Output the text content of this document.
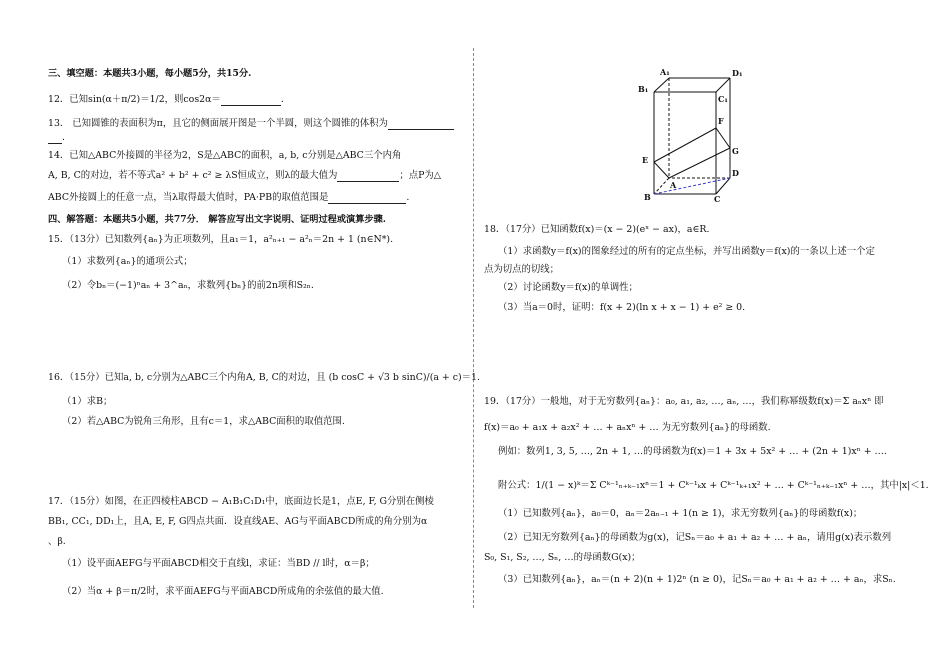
三、填空题：本题共3小题，每小题5分，共15分.
12．已知sin(α＋π/2)＝1/2，则cos2α＝	．
13． 已知圆锥的表面积为π，且它的侧面展开图是一个半圆，则这个圆锥的体积为
．
14．已知△ABC外接圆的半径为2，S是△ABC的面积，a, b, c分别是△ABC三个内角
A, B, C的对边，若不等式a² + b² + c² ≥ λS恒成立，则λ的最大值为	；点P为△
ABC外接圆上的任意一点，当λ取得最大值时，PA·PB的取值范围是	.
四、解答题：本题共5小题，共77分． 解答应写出文字说明、证明过程或演算步骤.
15．（13分）已知数列{aₙ}为正项数列，且a₁＝1，a²ₙ₊₁ − a²ₙ＝2n + 1 (n∈N*).
（1）求数列{aₙ}的通项公式；
（2）令bₙ＝(−1)ⁿaₙ + 3^aₙ，求数列{bₙ}的前2n项和S₂ₙ.
16．（15分）已知a, b, c分别为△ABC三个内角A, B, C的对边，且 (b cosC + √3 b sinC)/(a + c)＝1.
（1）求B；
（2）若△ABC为锐角三角形，且有c＝1，求△ABC面积的取值范围.
17．（15分）如图，在正四棱柱ABCD − A₁B₁C₁D₁中，底面边长是1，点E, F, G分别在侧棱
BB₁, CC₁, DD₁上，且A, E, F, G四点共面．设直线AE、AG与平面ABCD所成的角分别为α
、β.
（1）设平面AEFG与平面ABCD相交于直线l，求证：当BD // l时，α＝β；
（2）当α + β＝π/2时，求平面AEFG与平面ABCD所成角的余弦值的最大值.
A₁	D₁
B₁
C₁
F
E
G
A
D
B	C
18．（17分）已知函数f(x)＝(x − 2)(eˣ − ax)，a∈R.
（1）求函数y＝f(x)的图象经过的所有的定点坐标，并写出函数y＝f(x)的一条以上述一个定
点为切点的切线；
（2）讨论函数y＝f(x)的单调性；
（3）当a＝0时，证明：f(x + 2)(ln x + x − 1) + e² ≥ 0.
19．（17分）一般地，对于无穷数列{aₙ}：a₀, a₁, a₂, …, aₙ, …，我们称幂级数f(x)＝Σ aₙxⁿ 即
f(x)＝a₀ + a₁x + a₂x² + … + aₙxⁿ + … 为无穷数列{aₙ}的母函数.
例如：数列1, 3, 5, …, 2n + 1, …的母函数为f(x)＝1 + 3x + 5x² + … + (2n + 1)xⁿ + ….
附公式：1/(1 − x)ᵏ＝Σ Cᵏ⁻¹ₙ₊ₖ₋₁xⁿ＝1 + Cᵏ⁻¹ₖx + Cᵏ⁻¹ₖ₊₁x² + … + Cᵏ⁻¹ₙ₊ₖ₋₁xⁿ + …，其中|x|＜1.
（1）已知数列{aₙ}，a₀＝0，aₙ＝2aₙ₋₁ + 1(n ≥ 1)，求无穷数列{aₙ}的母函数f(x)；
（2）已知无穷数列{aₙ}的母函数为g(x)，记Sₙ＝a₀ + a₁ + a₂ + … + aₙ，请用g(x)表示数列
S₀, S₁, S₂, …, Sₙ, …的母函数G(x)；
（3）已知数列{aₙ}，aₙ＝(n + 2)(n + 1)2ⁿ (n ≥ 0)，记Sₙ＝a₀ + a₁ + a₂ + … + aₙ，求Sₙ.
